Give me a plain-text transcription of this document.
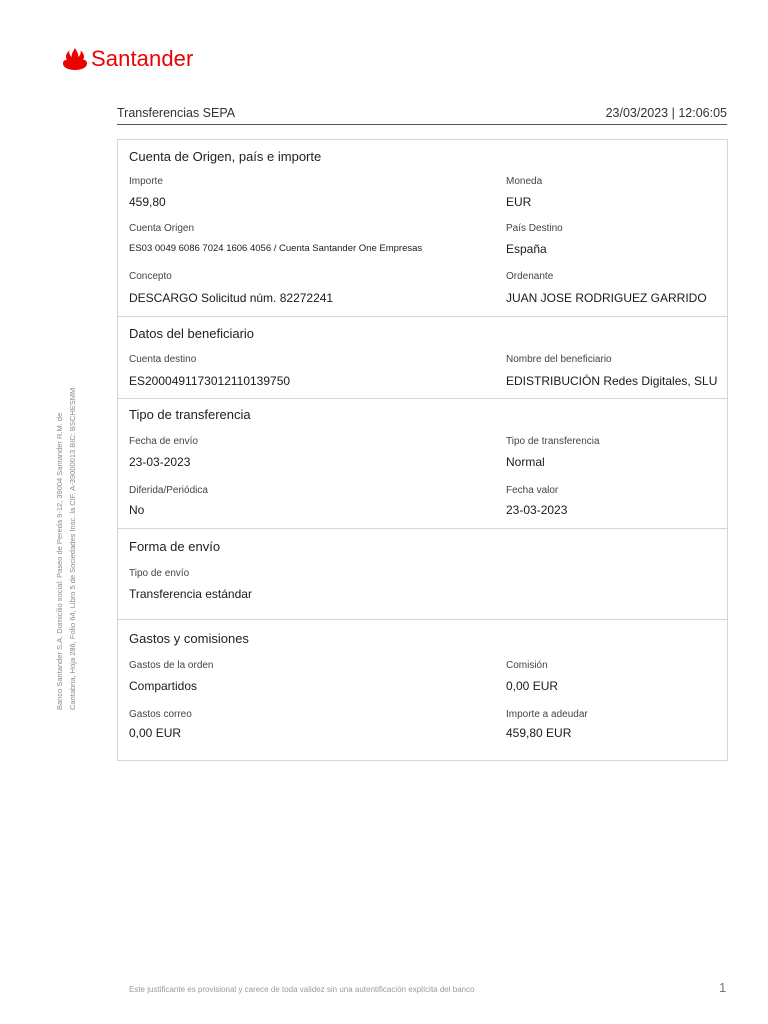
Santander
Banco Santander S.A. Domicilio social: Paseo de Pereda 9-12, 39004 Santander R.M. de Cantabria, Hoja 286, Folio 64, Libro 5 de Sociedades Insc. la CIF. A-39000013 BIC: BSCHESMM
Transferencias SEPA	23/03/2023 | 12:06:05
Cuenta de Origen, país e importe
Importe
459,80
Moneda
EUR
Cuenta Origen
ES03 0049 6086 7024 1606 4056 / Cuenta Santander One Empresas
País Destino
España
Concepto
DESCARGO Solicitud núm. 82272241
Ordenante
JUAN JOSE RODRIGUEZ GARRIDO
Datos del beneficiario
Cuenta destino
ES2000491173012110139750
Nombre del beneficiario
EDISTRIBUCIÓN Redes Digitales, SLU
Tipo de transferencia
Fecha de envío
23-03-2023
Tipo de transferencia
Normal
Diferida/Periódica
No
Fecha valor
23-03-2023
Forma de envío
Tipo de envío
Transferencia estándar
Gastos y comisiones
Gastos de la orden
Compartidos
Comisión
0,00 EUR
Gastos correo
0,00 EUR
Importe a adeudar
459,80 EUR
Este justificante es provisional y carece de toda validez sin una autentificación explícita del banco	1
